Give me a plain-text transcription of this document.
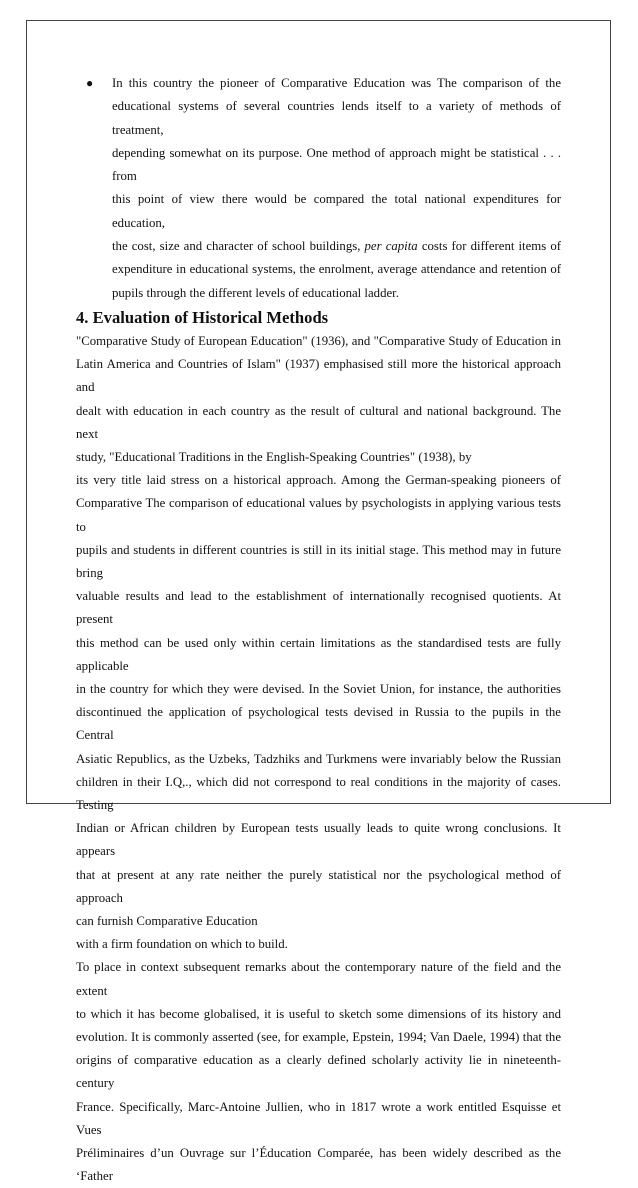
● In this country the pioneer of Comparative Education was The comparison of the
educational systems of several countries lends itself to a variety of methods of treatment,
depending somewhat on its purpose. One method of approach might be statistical . . . from
this point of view there would be compared the total national expenditures for education,
the cost, size and character of school buildings, per capita costs for different items of
expenditure in educational systems, the enrolment, average attendance and retention of
pupils through the different levels of educational ladder.
4. Evaluation of Historical Methods
"Comparative Study of European Education" (1936), and "Comparative Study of Education in
Latin America and Countries of Islam" (1937) emphasised still more the historical approach and
dealt with education in each country as the result of cultural and national background. The next
study, "Educational Traditions in the English-Speaking Countries" (1938), by
its very title laid stress on a historical approach. Among the German-speaking pioneers of
Comparative The comparison of educational values by psychologists in applying various tests to
pupils and students in different countries is still in its initial stage. This method may in future bring
valuable results and lead to the establishment of internationally recognised quotients. At present
this method can be used only within certain limitations as the standardised tests are fully applicable
in the country for which they were devised. In the Soviet Union, for instance, the authorities
discontinued the application of psychological tests devised in Russia to the pupils in the Central
Asiatic Republics, as the Uzbeks, Tadzhiks and Turkmens were invariably below the Russian
children in their I.Q,., which did not correspond to real conditions in the majority of cases. Testing
Indian or African children by European tests usually leads to quite wrong conclusions. It appears
that at present at any rate neither the purely statistical nor the psychological method of approach
can furnish Comparative Education
with a firm foundation on which to build.
To place in context subsequent remarks about the contemporary nature of the field and the extent
to which it has become globalised, it is useful to sketch some dimensions of its history and
evolution. It is commonly asserted (see, for example, Epstein, 1994; Van Daele, 1994) that the
origins of comparative education as a clearly defined scholarly activity lie in nineteenth-century
France. Specifically, Marc-Antoine Jullien, who in 1817 wrote a work entitled Esquisse et Vues
Préliminaires d’un Ouvrage sur l’Éducation Comparée, has been widely described as the ‘Father
